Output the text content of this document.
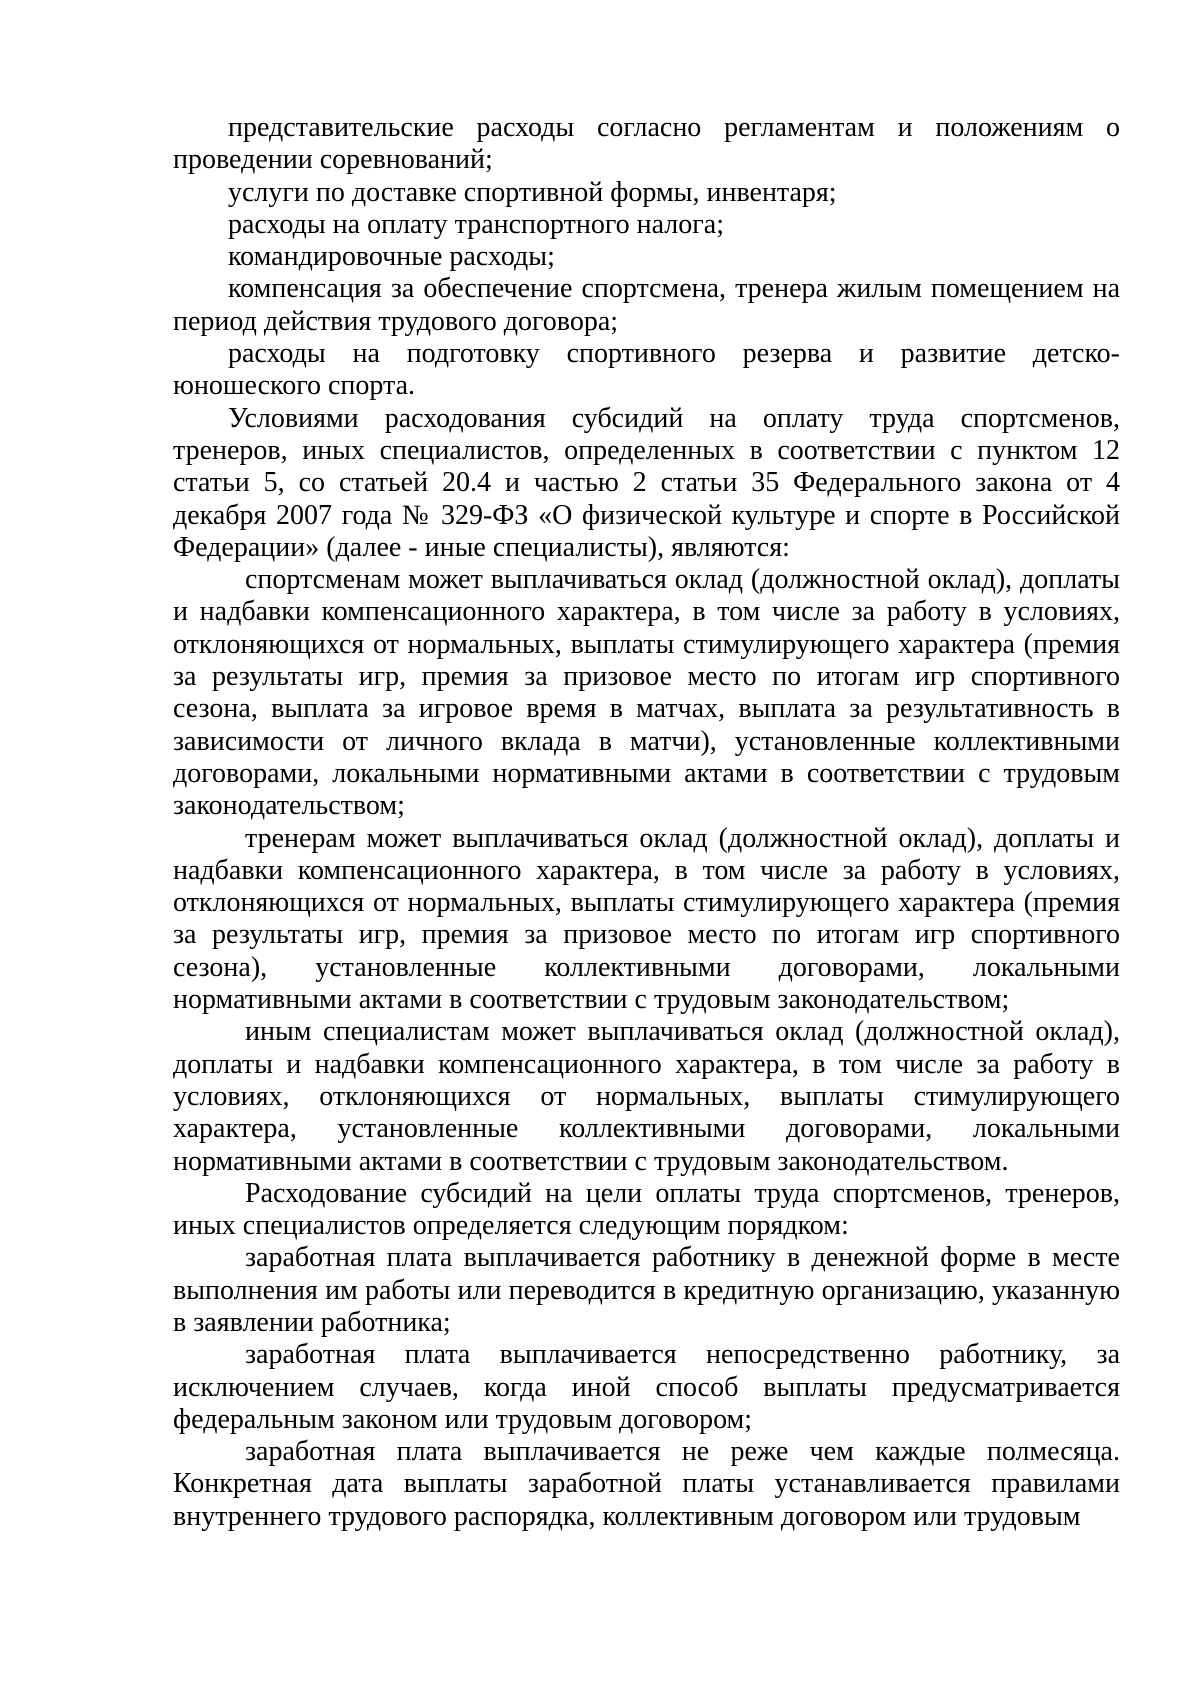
представительские расходы согласно регламентам и положениям о проведении соревнований;

услуги по доставке спортивной формы, инвентаря;

расходы на оплату транспортного налога;

командировочные расходы;

компенсация за обеспечение спортсмена, тренера жилым помещением на период действия трудового договора;

расходы на подготовку спортивного резерва и развитие детско-юношеского спорта.

Условиями расходования субсидий на оплату труда спортсменов, тренеров, иных специалистов, определенных в соответствии с пунктом 12 статьи 5, со статьей 20.4 и частью 2 статьи 35 Федерального закона от 4 декабря 2007 года № 329-ФЗ «О физической культуре и спорте в Российской Федерации» (далее - иные специалисты), являются:

спортсменам может выплачиваться оклад (должностной оклад), доплаты и надбавки компенсационного характера, в том числе за работу в условиях, отклоняющихся от нормальных, выплаты стимулирующего характера (премия за результаты игр, премия за призовое место по итогам игр спортивного сезона, выплата за игровое время в матчах, выплата за результативность в зависимости от личного вклада в матчи), установленные коллективными договорами, локальными нормативными актами в соответствии с трудовым законодательством;

тренерам может выплачиваться оклад (должностной оклад), доплаты и надбавки компенсационного характера, в том числе за работу в условиях, отклоняющихся от нормальных, выплаты стимулирующего характера (премия за результаты игр, премия за призовое место по итогам игр спортивного сезона), установленные коллективными договорами, локальными нормативными актами в соответствии с трудовым законодательством;

иным специалистам может выплачиваться оклад (должностной оклад), доплаты и надбавки компенсационного характера, в том числе за работу в условиях, отклоняющихся от нормальных, выплаты стимулирующего характера, установленные коллективными договорами, локальными нормативными актами в соответствии с трудовым законодательством.

Расходование субсидий на цели оплаты труда спортсменов, тренеров, иных специалистов определяется следующим порядком:

заработная плата выплачивается работнику в денежной форме в месте выполнения им работы или переводится в кредитную организацию, указанную в заявлении работника;

заработная плата выплачивается непосредственно работнику, за исключением случаев, когда иной способ выплаты предусматривается федеральным законом или трудовым договором;

заработная плата выплачивается не реже чем каждые полмесяца. Конкретная дата выплаты заработной платы устанавливается правилами внутреннего трудового распорядка, коллективным договором или трудовым
